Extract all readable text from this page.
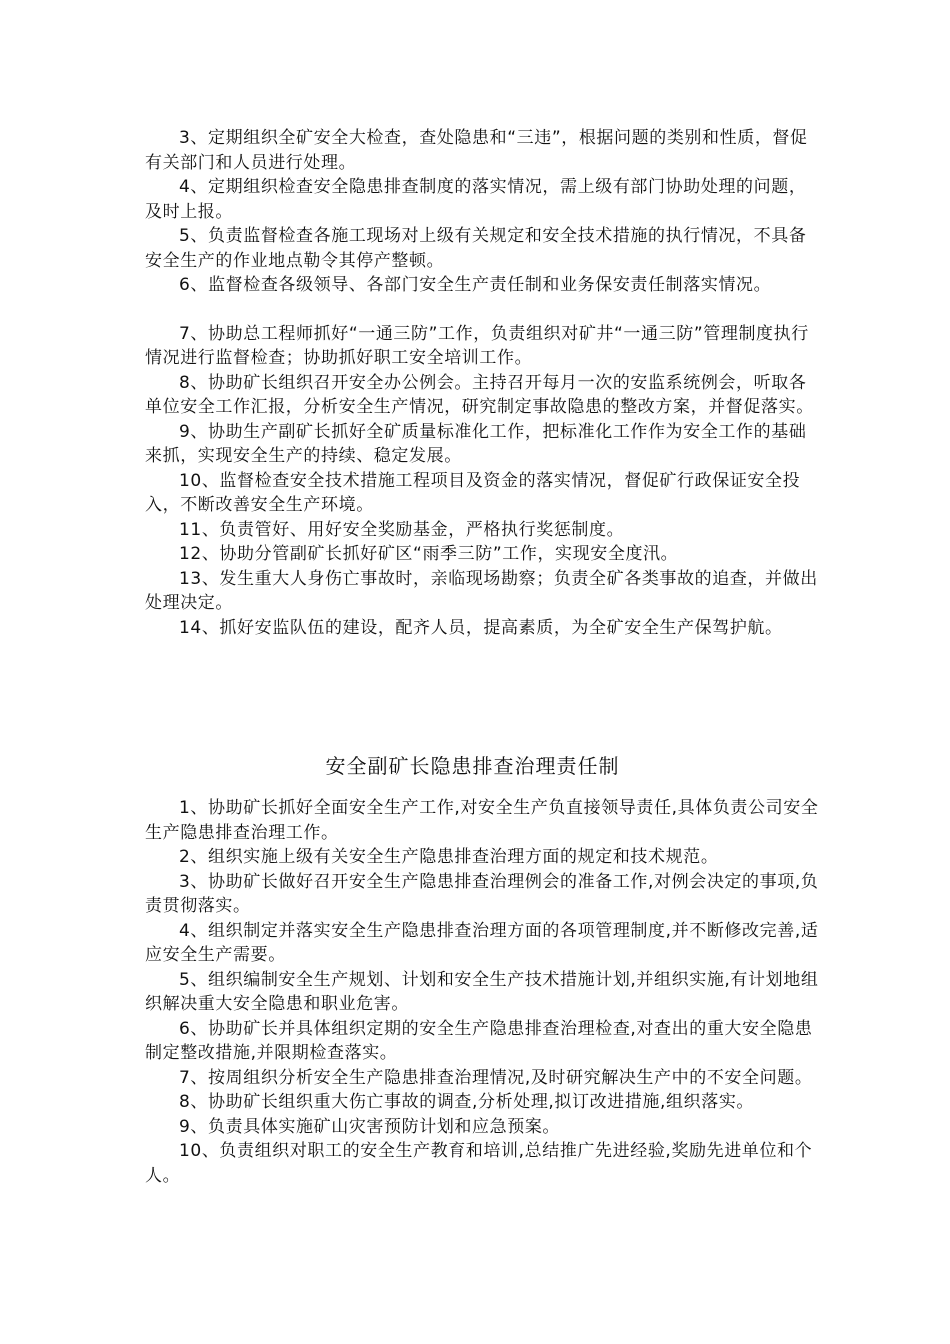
3、定期组织全矿安全大检查，查处隐患和“三违”，根据问题的类别和性质，督促有关部门和人员进行处理。

4、定期组织检查安全隐患排查制度的落实情况，需上级有部门协助处理的问题，及时上报。

5、负责监督检查各施工现场对上级有关规定和安全技术措施的执行情况，不具备安全生产的作业地点勒令其停产整顿。

6、监督检查各级领导、各部门安全生产责任制和业务保安责任制落实情况。

7、协助总工程师抓好“一通三防”工作，负责组织对矿井“一通三防”管理制度执行情况进行监督检查；协助抓好职工安全培训工作。

8、协助矿长组织召开安全办公例会。主持召开每月一次的安监系统例会，听取各单位安全工作汇报，分析安全生产情况，研究制定事故隐患的整改方案，并督促落实。

9、协助生产副矿长抓好全矿质量标准化工作，把标准化工作作为安全工作的基础来抓，实现安全生产的持续、稳定发展。

10、监督检查安全技术措施工程项目及资金的落实情况，督促矿行政保证安全投入，不断改善安全生产环境。

11、负责管好、用好安全奖励基金，严格执行奖惩制度。

12、协助分管副矿长抓好矿区“雨季三防”工作，实现安全度汛。

13、发生重大人身伤亡事故时，亲临现场勘察；负责全矿各类事故的追查，并做出处理决定。

14、抓好安监队伍的建设，配齐人员，提高素质，为全矿安全生产保驾护航。

安全副矿长隐患排查治理责任制

1、协助矿长抓好全面安全生产工作,对安全生产负直接领导责任,具体负责公司安全生产隐患排查治理工作。

2、组织实施上级有关安全生产隐患排查治理方面的规定和技术规范。

3、协助矿长做好召开安全生产隐患排查治理例会的准备工作,对例会决定的事项,负责贯彻落实。

4、组织制定并落实安全生产隐患排查治理方面的各项管理制度,并不断修改完善,适应安全生产需要。

5、组织编制安全生产规划、计划和安全生产技术措施计划,并组织实施,有计划地组织解决重大安全隐患和职业危害。

6、协助矿长并具体组织定期的安全生产隐患排查治理检查,对查出的重大安全隐患制定整改措施,并限期检查落实。

7、按周组织分析安全生产隐患排查治理情况,及时研究解决生产中的不安全问题。

8、协助矿长组织重大伤亡事故的调查,分析处理,拟订改进措施,组织落实。

9、负责具体实施矿山灾害预防计划和应急预案。

10、负责组织对职工的安全生产教育和培训,总结推广先进经验,奖励先进单位和个人。
